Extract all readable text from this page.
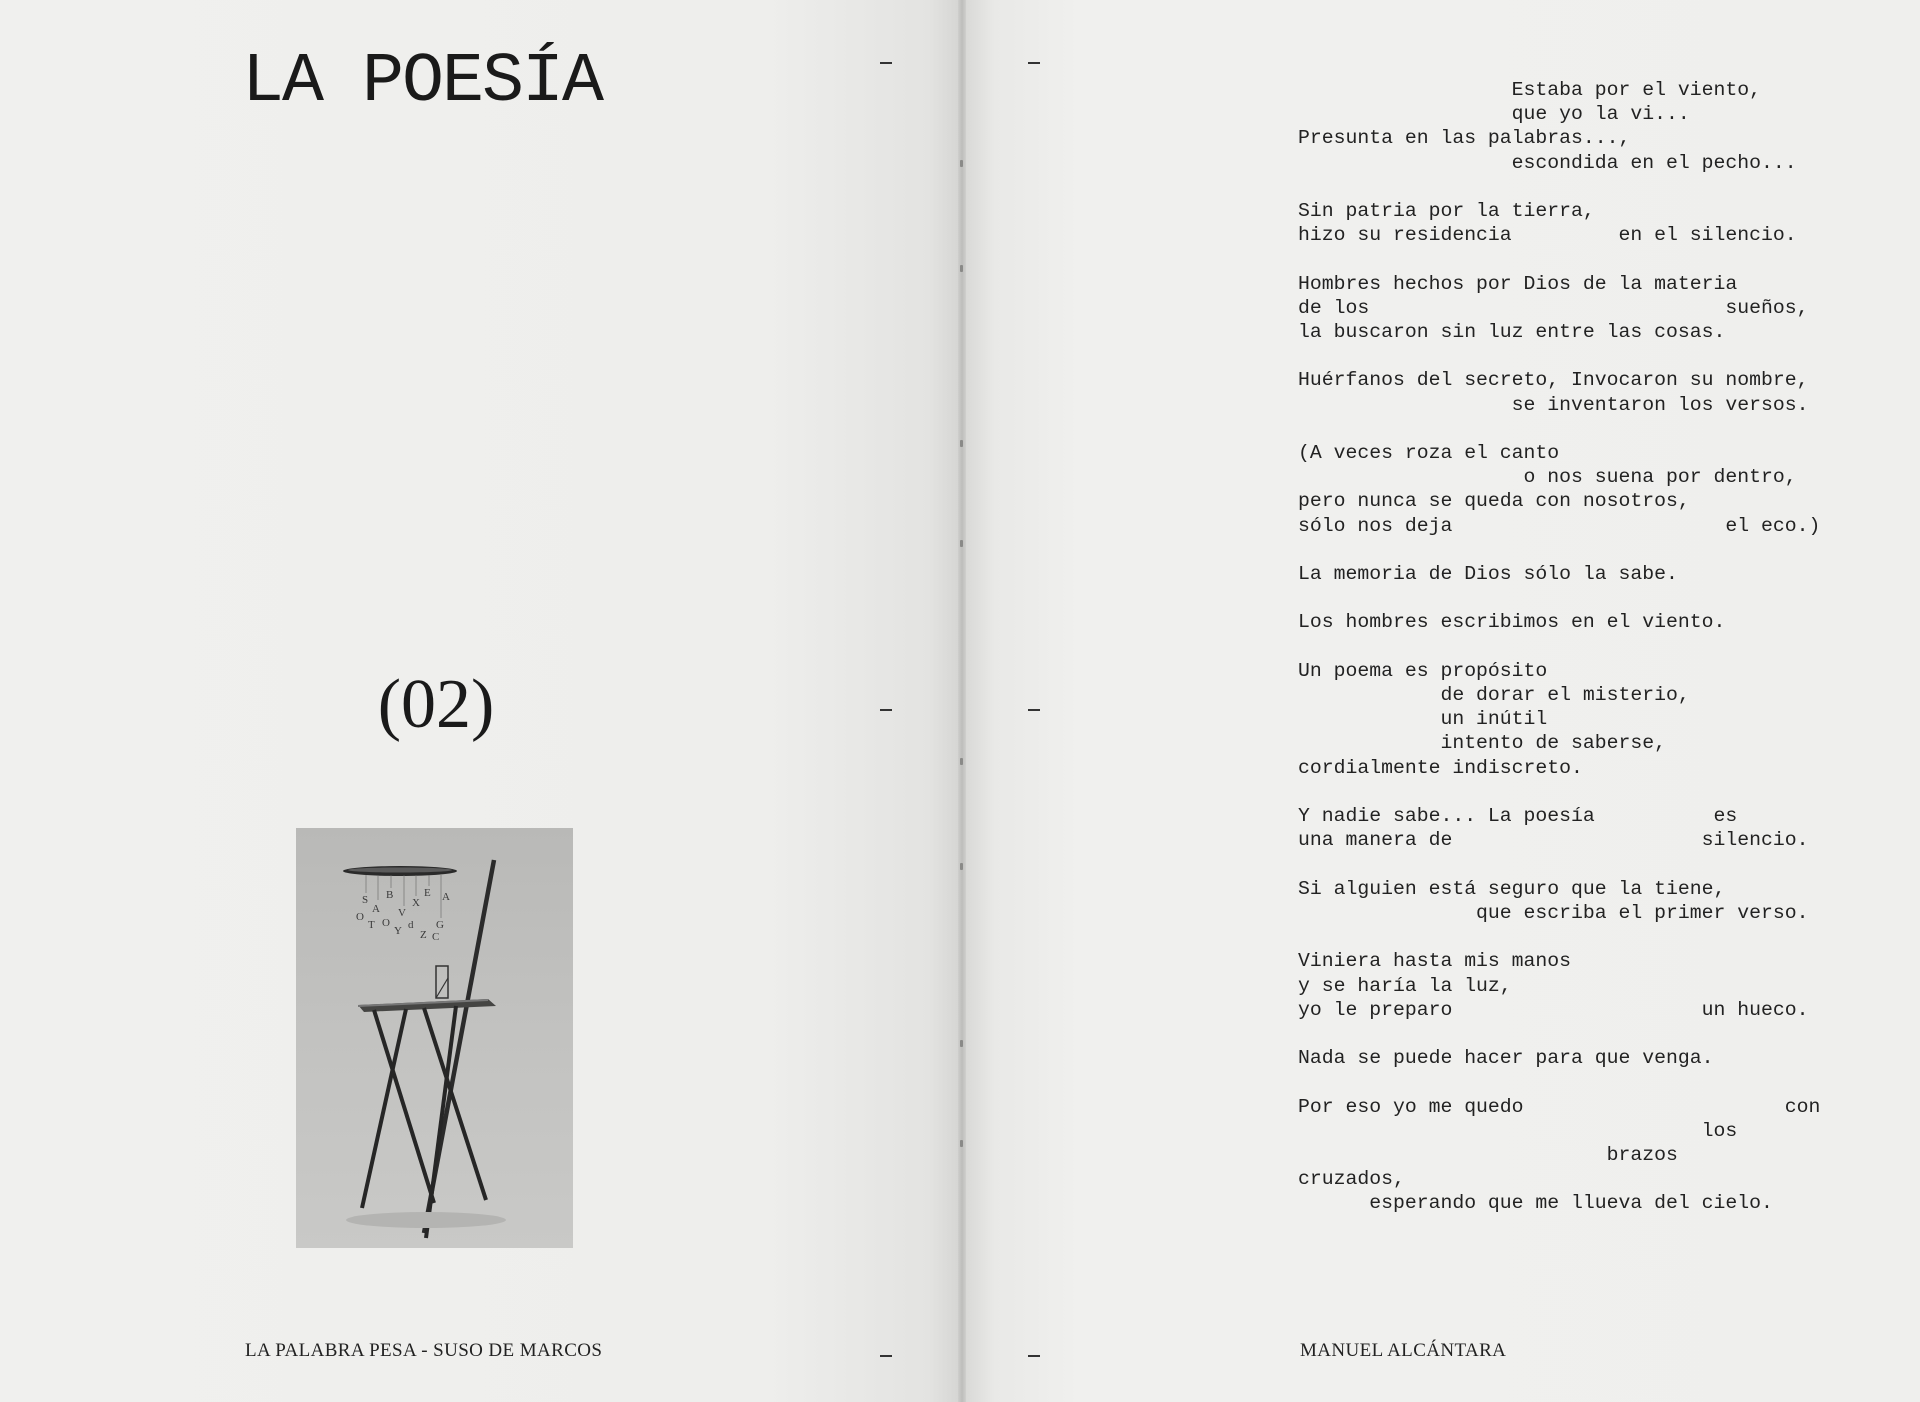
LA POESÍA
(02)
S
A
B
V
X
E
G
O
Y d
Z C
T
A
O
LA PALABRA PESA - SUSO DE MARCOS	MANUEL ALCÁNTARA
Estaba por el viento,
que yo la vi...
Presunta en las palabras...,
escondida en el pecho...

Sin patria por la tierra,
hizo su residencia         en el silencio.

Hombres hechos por Dios de la materia
de los                              sueños,
la buscaron sin luz entre las cosas.

Huérfanos del secreto, Invocaron su nombre,
se inventaron los versos.

(A veces roza el canto
o nos suena por dentro,
pero nunca se queda con nosotros,
sólo nos deja                       el eco.)

La memoria de Dios sólo la sabe.

Los hombres escribimos en el viento.

Un poema es propósito
de dorar el misterio,
un inútil
intento de saberse,
cordialmente indiscreto.

Y nadie sabe... La poesía          es
una manera de                     silencio.

Si alguien está seguro que la tiene,
que escriba el primer verso.

Viniera hasta mis manos
y se haría la luz,
yo le preparo                     un hueco.

Nada se puede hacer para que venga.

Por eso yo me quedo                      con
los
brazos
cruzados,
esperando que me llueva del cielo.
